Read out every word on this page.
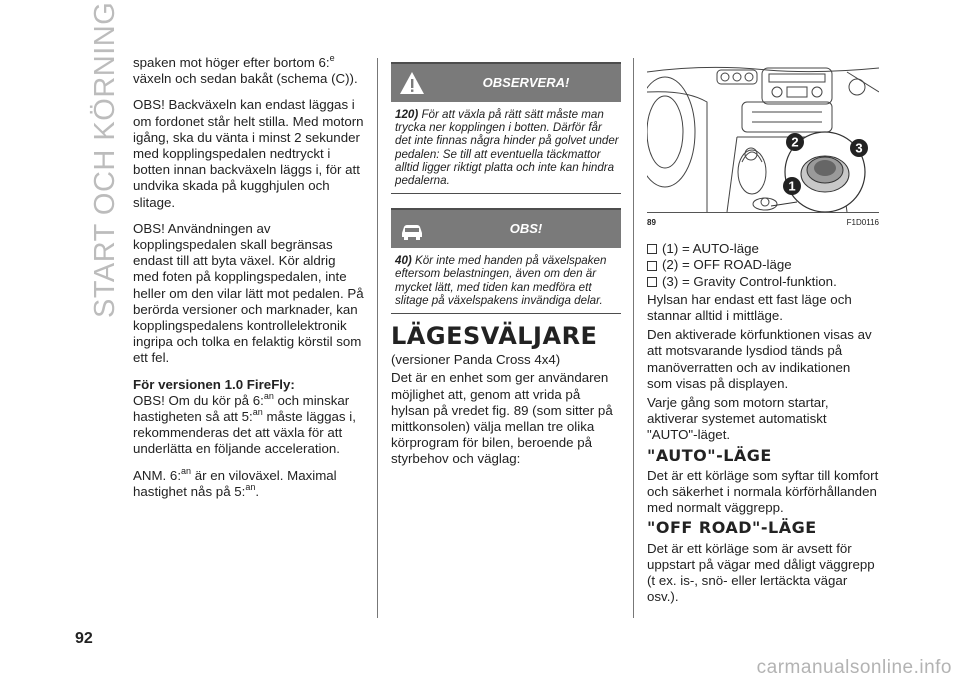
START OCH KÖRNING spaken mot höger efter bortom 6:$^e$
växeln och sedan bakåt (schema (C)).

OBS! Backväxeln kan endast läggas i om fordonet står helt stilla. Med motorn igång, ska du vänta i minst 2 sekunder med kopplingspedalen nedtryckt i botten innan backväxeln läggs i, för att undvika skada på kugghjulen och slitage.

OBS! Användningen av kopplingspedalen skall begränsas endast till att byta växel. Kör aldrig med foten på kopplingspedalen, inte heller om den vilar lätt mot pedalen. På berörda versioner och marknader, kan kopplingspedalens kontrollelektronik ingripa och tolka en felaktig körstil som ett fel.

För versionen 1.0 FireFly:

OBS! Om du kör på 6:$^{an}$ och minskar hastigheten så att 5:$^{an}$ måste läggas i, rekommenderas det att växla för att underlätta en följande acceleration.

ANM. 6:$^{an}$ är en viloväxel. Maximal hastighet nås på 5:$^{an}$.

OBSERVERA!
120) För att växla på rätt sätt måste man trycka ner kopplingen i botten. Därför får det inte finnas några hinder på golvet under pedalen: Se till att eventuella täckmattor alltid ligger riktigt platta och inte kan hindra pedalerna.
OBS!
40) Kör inte med handen på växelspaken eftersom belastningen, även om den är mycket lätt, med tiden kan medföra ett slitage på växelspakens invändiga delar.
LÄGESVÄLJARE

(versioner Panda Cross 4x4)

Det är en enhet som ger användaren möjlighet att, genom att vrida på hylsan på vredet fig. 89 (som sitter på mittkonsolen) välja mellan tre olika körprogram för bilen, beroende på styrbehov och väglag:

1
2	3
89	F1D0116
(1) = AUTO-läge
(2) = OFF ROAD-läge
(3) = Gravity Control-funktion.

Hylsan har endast ett fast läge och stannar alltid i mittläge.

Den aktiverade körfunktionen visas av att motsvarande lysdiod tänds på manöverratten och av indikationen som visas på displayen.

Varje gång som motorn startar, aktiverar systemet automatiskt "AUTO"-läget.

"AUTO"-LÄGE

Det är ett körläge som syftar till komfort och säkerhet i normala körförhållanden med normalt väggrepp.

"OFF ROAD"-LÄGE

Det är ett körläge som är avsett för uppstart på vägar med dåligt väggrepp (t ex. is-, snö- eller lertäckta vägar osv.).

92
carmanualsonline.info
